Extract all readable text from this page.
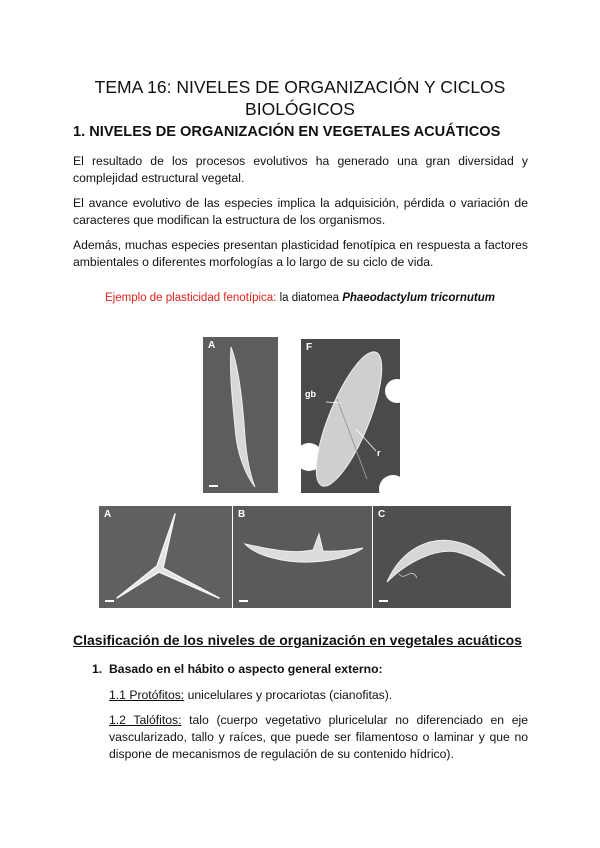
TEMA 16: NIVELES DE ORGANIZACIÓN Y CICLOS
BIOLÓGICOS
1. NIVELES DE ORGANIZACIÓN EN VEGETALES ACUÁTICOS

El resultado de los procesos evolutivos ha generado una gran diversidad y complejidad estructural vegetal.

El avance evolutivo de las especies implica la adquisición, pérdida o variación de caracteres que modifican la estructura de los organismos.

Además, muchas especies presentan plasticidad fenotípica en respuesta a factores ambientales o diferentes morfologías a lo largo de su ciclo de vida.

Ejemplo de plasticidad fenotípica: la diatomea Phaeodactylum tricornutum
A
gb
r
F
A	B	C
Clasificación de los niveles de organización en vegetales acuáticos
1. Basado en el hábito o aspecto general externo:

1.1 Protófitos: unicelulares y procariotas (cianofitas).

1.2 Talófitos: talo (cuerpo vegetativo pluricelular no diferenciado en eje vascularizado, tallo y raíces, que puede ser filamentoso o laminar y que no dispone de mecanismos de regulación de su contenido hídrico).
